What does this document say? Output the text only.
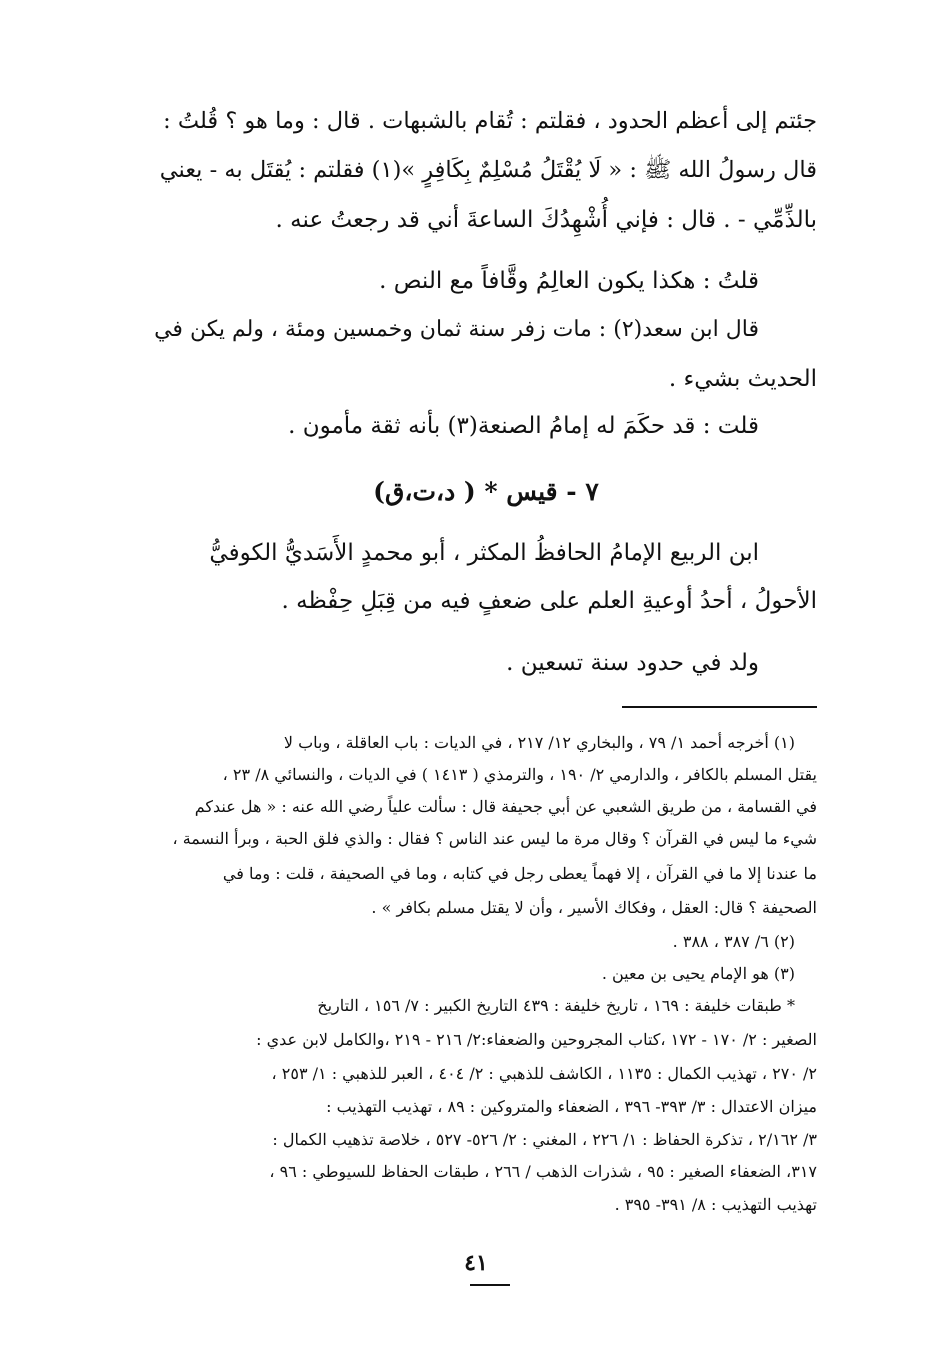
جئتم إلى أعظم الحدود ، فقلتم : تُقام بالشبهات . قال : وما هو ؟ قُلتُ :
قال رسولُ الله ﷺ : « لَا يُقْتَلُ مُسْلِمٌ بِكَافِرٍ »(١) فقلتم : يُقتَل به - يعني
بالذِّمِّي - . قال : فإني أُشْهِدُكَ الساعةَ أني قد رجعتُ عنه .
قلتُ : هكذا يكون العالِمُ وقَّافاً مع النص .
قال ابن سعد(٢) : مات زفر سنة ثمان وخمسين ومئة ، ولم يكن في
الحديث بشيء .
قلت : قد حكَمَ له إمامُ الصنعة(٣) بأنه ثقة مأمون .
٧ - قيس * ( د،ت،ق)
ابن الربيع الإمامُ الحافظُ المكثر ، أبو محمدٍ الأَسَديُّ الكوفيُّ
الأحولُ ، أحدُ أوعيةِ العلم على ضعفٍ فيه من قِبَلِ حِفْظه .
ولد في حدود سنة تسعين .
(١) أخرجه أحمد ١/ ٧٩ ، والبخاري ١٢/ ٢١٧ ، في الديات : باب العاقلة ، وباب لا
يقتل المسلم بالكافر ، والدارمي ٢/ ١٩٠ ، والترمذي ( ١٤١٣ ) في الديات ، والنسائي ٨/ ٢٣ ،
في القسامة ، من طريق الشعبي عن أبي جحيفة قال : سألت علياً رضي الله عنه : « هل عندكم
شيء ما ليس في القرآن ؟ وقال مرة ما ليس عند الناس ؟ فقال : والذي فلق الحبة ، وبرأ النسمة ،
ما عندنا إلا ما في القرآن ، إلا فهماً يعطى رجل في كتابه ، وما في الصحيفة ، قلت : وما في
الصحيفة ؟ قال: العقل ، وفكاك الأسير ، وأن لا يقتل مسلم بكافر » .
(٢) ٦/ ٣٨٧ ، ٣٨٨ .
(٣) هو الإمام يحيى بن معين .
* طبقات خليفة : ١٦٩ ، تاريخ خليفة : ٤٣٩ التاريخ الكبير : ٧/ ١٥٦ ، التاريخ
الصغير : ٢/ ١٧٠ - ١٧٢ ،كتاب المجروحين والضعفاء:٢/ ٢١٦ - ٢١٩ ،والكامل لابن عدي :
٢/ ٢٧٠ ، تهذيب الكمال : ١١٣٥ ، الكاشف للذهبي : ٢/ ٤٠٤ ، العبر للذهبي : ١/ ٢٥٣ ،
ميزان الاعتدال : ٣/ ٣٩٣- ٣٩٦ ، الضعفاء والمتروكين : ٨٩ ، تهذيب التهذيب :
٣/ ٢/١٦٢ ، تذكرة الحفاظ : ١/ ٢٢٦ ، المغني : ٢/ ٥٢٦- ٥٢٧ ، خلاصة تذهيب الكمال :
٣١٧، الضعفاء الصغير : ٩٥ ، شذرات الذهب / ٢٦٦ ، طبقات الحفاظ للسيوطي : ٩٦ ،
تهذيب التهذيب : ٨/ ٣٩١- ٣٩٥ .
٤١
